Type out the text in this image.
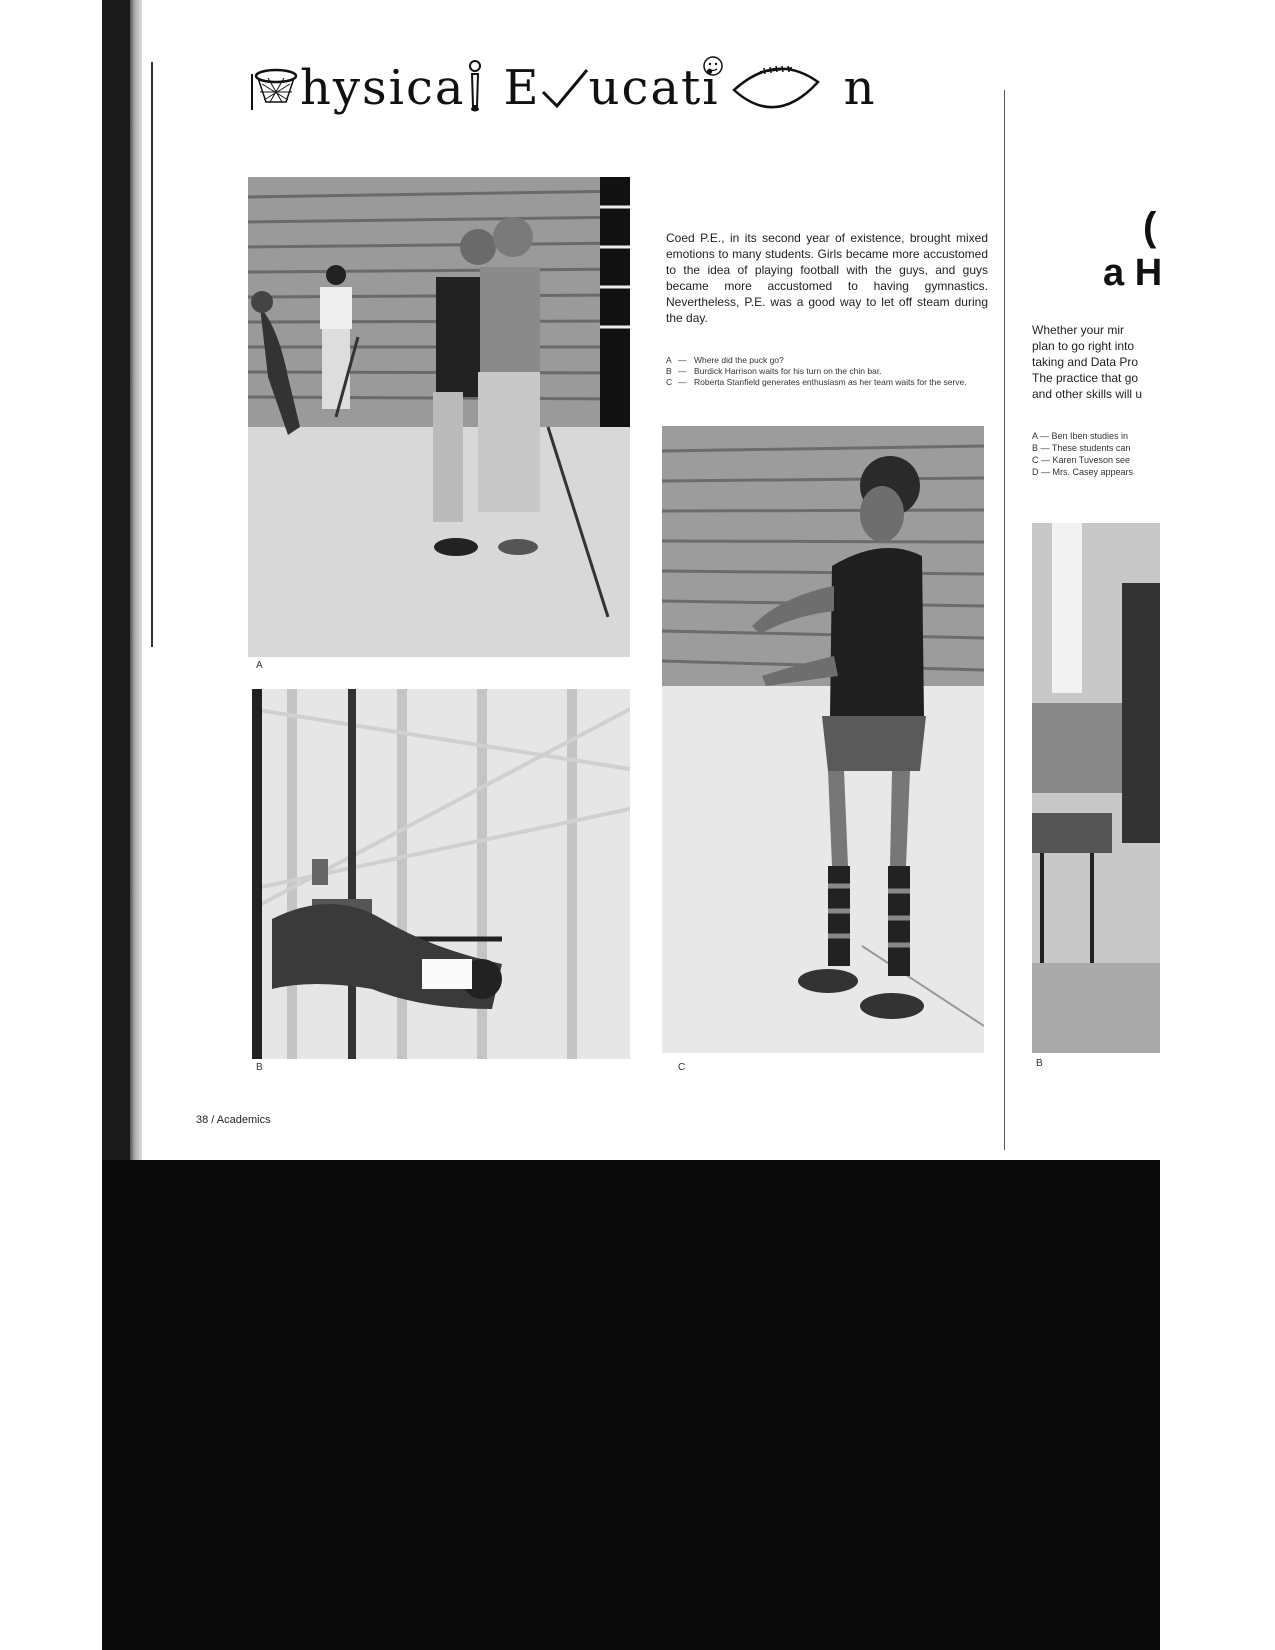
hysica E ucat i	n
A
B	C
Coed P.E., in its second year of existence, brought mixed emotions to many students. Girls became more accustomed to the idea of playing football with the guys, and guys became more accustomed to having gymnastics. Nevertheless, P.E. was a good way to let off steam during the day.
A — Where did the puck go?
B — Burdick Harrison waits for his turn on the chin bar.
C — Roberta Stanfield generates enthusiasm as her team waits for the serve.
38 / Academics
(
a H
Whether your mir
plan to go right into
taking and Data Pro
The practice that go
and other skills will u
A — Ben Iben studies in
B — These students can
C — Karen Tuveson see
D — Mrs. Casey appears
B
